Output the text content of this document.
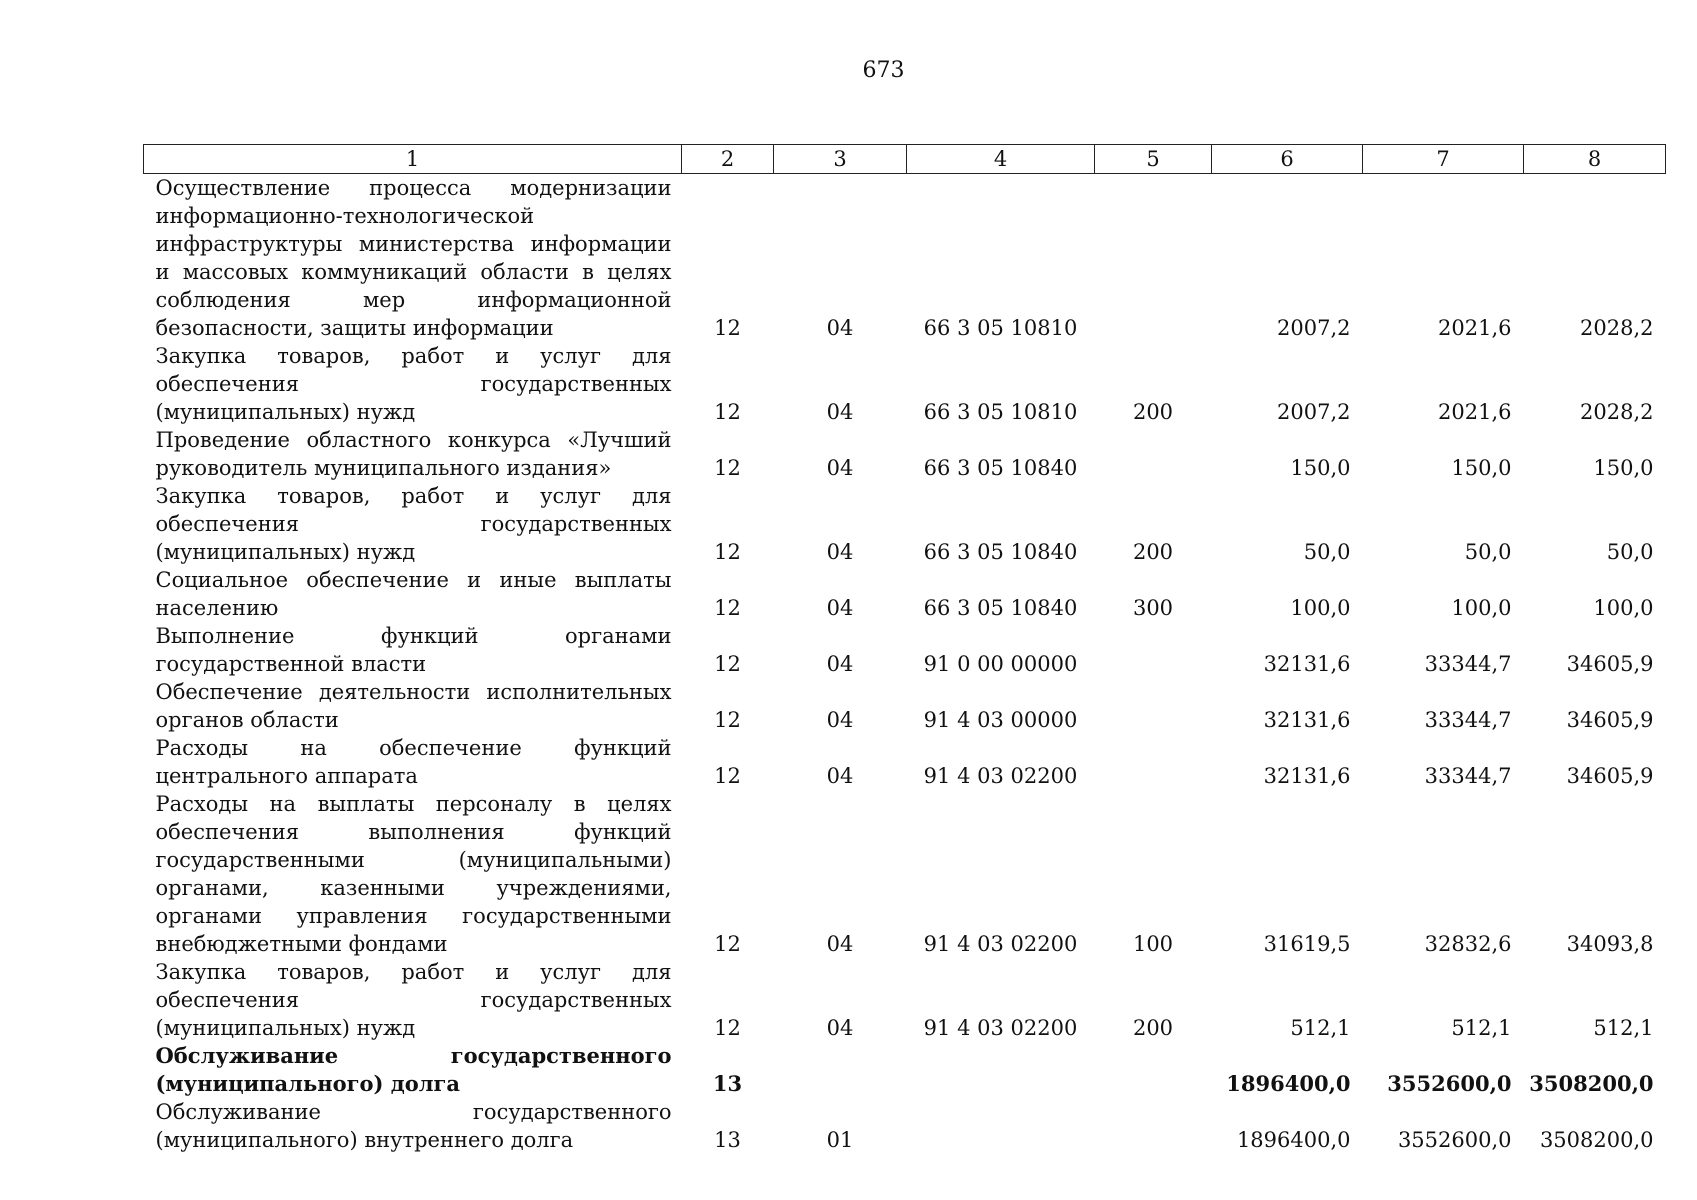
673
1	2	3	4	5	6	7	8
Осуществление процесса модернизации информационно-технологической инфраструктуры министерства информации и массовых коммуникаций области в целях соблюдения мер информационной безопасности, защиты информации	12	04	66 3 05 10810		2007,2	2021,6	2028,2
Закупка товаров, работ и услуг для обеспечения государственных (муниципальных) нужд	12	04	66 3 05 10810	200	2007,2	2021,6	2028,2
Проведение областного конкурса «Лучший руководитель муниципального издания»	12	04	66 3 05 10840		150,0	150,0	150,0
Закупка товаров, работ и услуг для обеспечения государственных (муниципальных) нужд	12	04	66 3 05 10840	200	50,0	50,0	50,0
Социальное обеспечение и иные выплаты населению	12	04	66 3 05 10840	300	100,0	100,0	100,0
Выполнение функций органами государственной власти	12	04	91 0 00 00000		32131,6	33344,7	34605,9
Обеспечение деятельности исполнительных органов области	12	04	91 4 03 00000		32131,6	33344,7	34605,9
Расходы на обеспечение функций центрального аппарата	12	04	91 4 03 02200		32131,6	33344,7	34605,9
Расходы на выплаты персоналу в целях обеспечения выполнения функций государственными (муниципальными) органами, казенными учреждениями, органами управления государственными внебюджетными фондами	12	04	91 4 03 02200	100	31619,5	32832,6	34093,8
Закупка товаров, работ и услуг для обеспечения государственных (муниципальных) нужд	12	04	91 4 03 02200	200	512,1	512,1	512,1
Обслуживание государственного (муниципального) долга	13				1896400,0	3552600,0	3508200,0
Обслуживание государственного (муниципального) внутреннего долга	13	01			1896400,0	3552600,0	3508200,0
